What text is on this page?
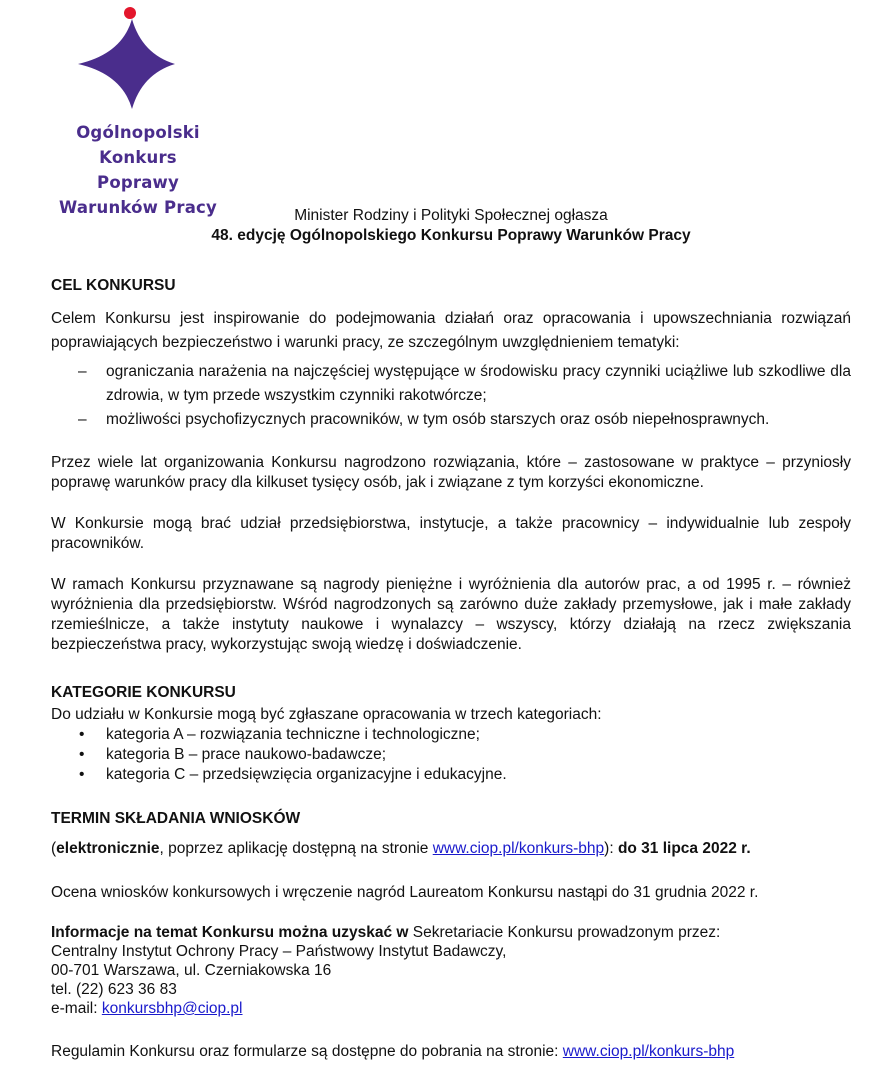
Ogólnopolski
Konkurs Poprawy
Warunków Pracy	Minister Rodziny i Polityki Społecznej ogłasza
48. edycję Ogólnopolskiego Konkursu Poprawy Warunków Pracy
CEL KONKURSU

Celem Konkursu jest inspirowanie do podejmowania działań oraz opracowania i upowszechniania rozwiązań poprawiających bezpieczeństwo i warunki pracy, ze szczególnym uwzględnieniem tematyki:

– ograniczania narażenia na najczęściej występujące w środowisku pracy czynniki uciążliwe lub szkodliwe dla zdrowia, w tym przede wszystkim czynniki rakotwórcze;
– możliwości psychofizycznych pracowników, w tym osób starszych oraz osób niepełnosprawnych.

Przez wiele lat organizowania Konkursu nagrodzono rozwiązania, które – zastosowane w praktyce – przyniosły poprawę warunków pracy dla kilkuset tysięcy osób, jak i związane z tym korzyści ekonomiczne.

W Konkursie mogą brać udział przedsiębiorstwa, instytucje, a także pracownicy – indywidualnie lub zespoły pracowników.

W ramach Konkursu przyznawane są nagrody pieniężne i wyróżnienia dla autorów prac, a od 1995 r. – również wyróżnienia dla przedsiębiorstw. Wśród nagrodzonych są zarówno duże zakłady przemysłowe, jak i małe zakłady rzemieślnicze, a także instytuty naukowe i wynalazcy – wszyscy, którzy działają na rzecz zwiększania bezpieczeństwa pracy, wykorzystując swoją wiedzę i doświadczenie.

KATEGORIE KONKURSU

Do udziału w Konkursie mogą być zgłaszane opracowania w trzech kategoriach:

• kategoria A – rozwiązania techniczne i technologiczne;
• kategoria B – prace naukowo-badawcze;
• kategoria C – przedsięwzięcia organizacyjne i edukacyjne.
TERMIN SKŁADANIA WNIOSKÓW

(elektronicznie, poprzez aplikację dostępną na stronie www.ciop.pl/konkurs-bhp): do 31 lipca 2022 r.

Ocena wniosków konkursowych i wręczenie nagród Laureatom Konkursu nastąpi do 31 grudnia 2022 r.

Informacje na temat Konkursu można uzyskać w Sekretariacie Konkursu prowadzonym przez:
Centralny Instytut Ochrony Pracy – Państwowy Instytut Badawczy,
00-701 Warszawa, ul. Czerniakowska 16
tel. (22) 623 36 83
e-mail: konkursbhp@ciop.pl

Regulamin Konkursu oraz formularze są dostępne do pobrania na stronie: www.ciop.pl/konkurs-bhp
